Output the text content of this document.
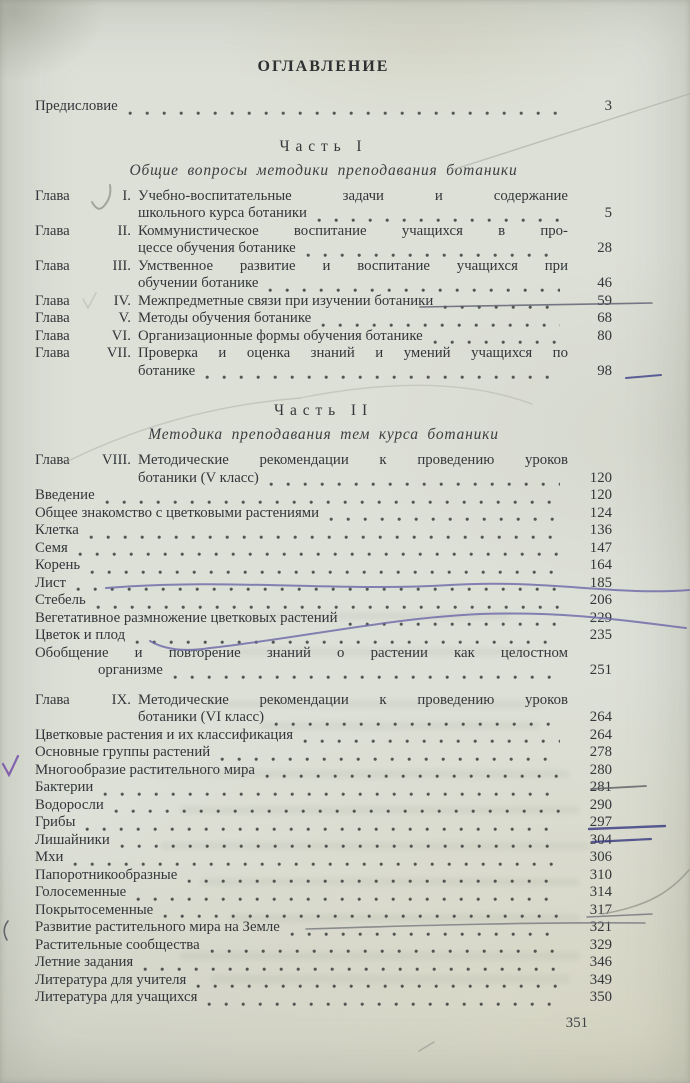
ОГЛАВЛЕНИЕ
Предисловие	3
Часть I
Общие вопросы методики преподавания ботаники
Глава	I. Учебно-воспитательные задачи и содержание
школьного курса ботаники	5
Глава	II. Коммунистическое воспитание учащихся в про-
цессе обучения ботанике	28
Глава	III. Умственное развитие и воспитание учащихся при
обучении ботанике	46
Глава	IV. Межпредметные связи при изучении ботаники	59
Глава	V. Методы обучения ботанике	68
Глава	VI. Организационные формы обучения ботанике	80
Глава	VII. Проверка и оценка знаний и умений учащихся по
ботанике	98
Часть II
Методика преподавания тем курса ботаники
Глава	VIII. Методические рекомендации к проведению уроков
ботаники (V класс)	120
Введение	120
Общее знакомство с цветковыми растениями	124
Клетка	136
Семя	147
Корень	164
Лист	185
Стебель	206
Вегетативное размножение цветковых растений	229
Цветок и плод	235
Обобщение и повторение знаний о растении как целостном
организме	251
Глава	IX. Методические рекомендации к проведению уроков
ботаники (VI класс)	264
Цветковые растения и их классификация	264
Основные группы растений	278
Многообразие растительного мира	280
Бактерии	281
Водоросли	290
Грибы	297
Лишайники	304
Мхи	306
Папоротникообразные	310
Голосеменные	314
Покрытосеменные	317
Развитие растительного мира на Земле	321
Растительные сообщества	329
Летние задания	346
Литература для учителя	349
Литература для учащихся	350
351
